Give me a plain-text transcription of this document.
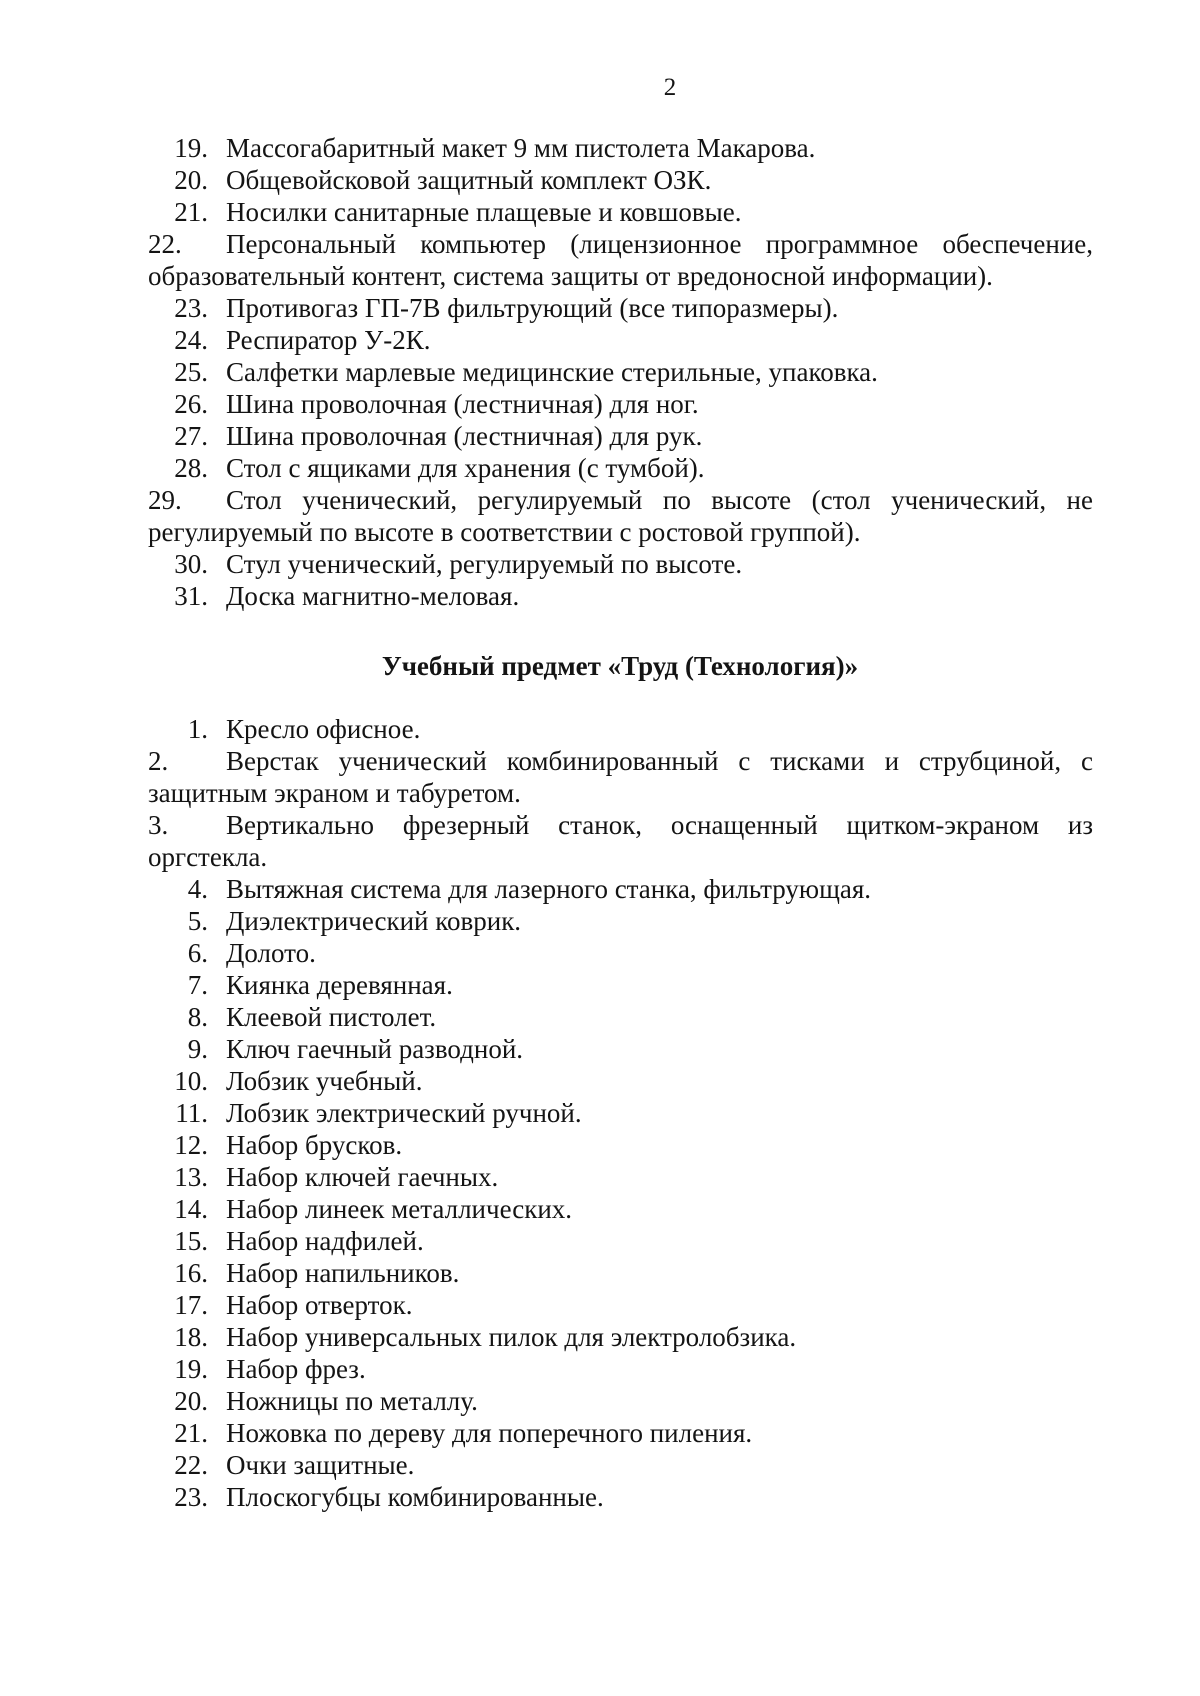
2

19. Массогабаритный макет 9 мм пистолета Макарова.

20. Общевойсковой защитный комплект ОЗК.

21. Носилки санитарные плащевые и ковшовые.

22. Персональный компьютер (лицензионное программное обеспечение, образовательный контент, система защиты от вредоносной информации).

23. Противогаз ГП-7В фильтрующий (все типоразмеры).

24. Респиратор У-2К.

25. Салфетки марлевые медицинские стерильные, упаковка.

26. Шина проволочная (лестничная) для ног.

27. Шина проволочная (лестничная) для рук.

28. Стол с ящиками для хранения (с тумбой).

29. Стол ученический, регулируемый по высоте (стол ученический, не регулируемый по высоте в соответствии с ростовой группой).

30. Стул ученический, регулируемый по высоте.

31. Доска магнитно-меловая.

Учебный предмет «Труд (Технология)»

1. Кресло офисное.

2. Верстак ученический комбинированный с тисками и струбциной, с защитным экраном и табуретом.

3. Вертикально фрезерный станок, оснащенный щитком-экраном из оргстекла.

4. Вытяжная система для лазерного станка, фильтрующая.

5. Диэлектрический коврик.

6. Долото.

7. Киянка деревянная.

8. Клеевой пистолет.

9. Ключ гаечный разводной.

10. Лобзик учебный.

11. Лобзик электрический ручной.

12. Набор брусков.

13. Набор ключей гаечных.

14. Набор линеек металлических.

15. Набор надфилей.

16. Набор напильников.

17. Набор отверток.

18. Набор универсальных пилок для электролобзика.

19. Набор фрез.

20. Ножницы по металлу.

21. Ножовка по дереву для поперечного пиления.

22. Очки защитные.

23. Плоскогубцы комбинированные.
